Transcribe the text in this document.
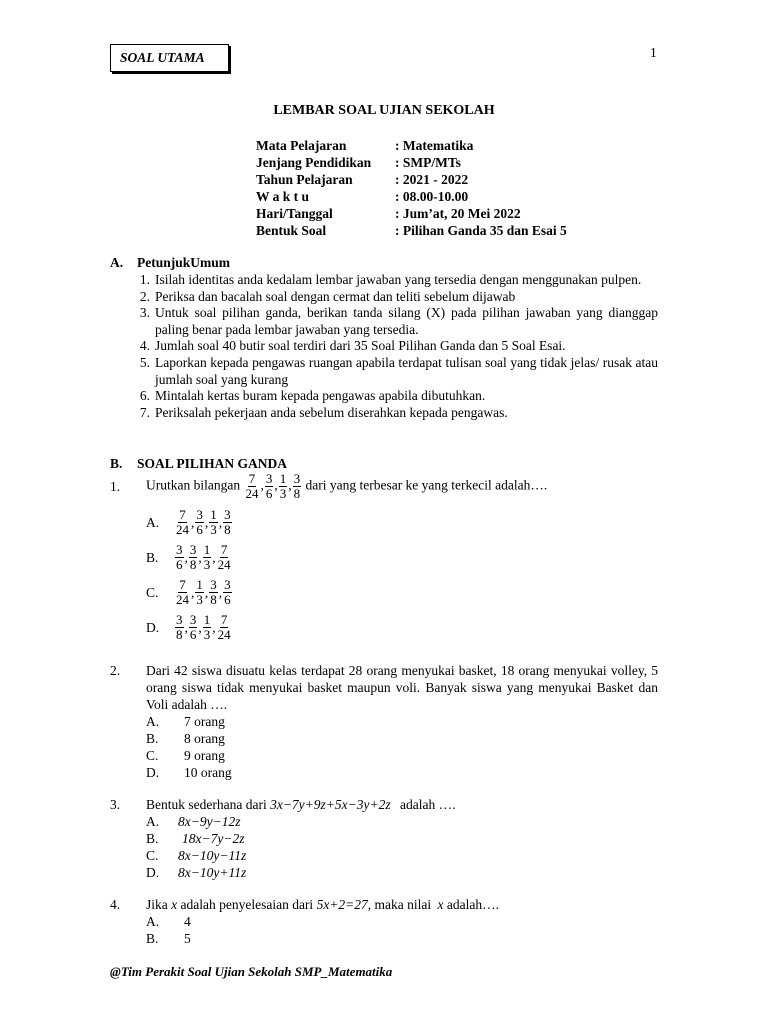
SOAL UTAMA	1
LEMBAR SOAL UJIAN SEKOLAH
Mata Pelajaran	: Matematika
Jenjang Pendidikan	: SMP/MTs
Tahun Pelajaran	: 2021 - 2022
W a k t u	: 08.00-10.00
Hari/Tanggal	: Jum’at, 20 Mei 2022
Bentuk Soal	: Pilihan Ganda 35 dan Esai 5
A. PetunjukUmum
1. Isilah identitas anda kedalam lembar jawaban yang tersedia dengan menggunakan pulpen.
2. Periksa dan bacalah soal dengan cermat dan teliti sebelum dijawab
3. Untuk soal pilihan ganda, berikan tanda silang (X) pada pilihan jawaban yang dianggap paling benar pada lembar jawaban yang tersedia.
4. Jumlah soal 40 butir soal terdiri dari 35 Soal Pilihan Ganda dan 5 Soal Esai.
5. Laporkan kepada pengawas ruangan apabila terdapat tulisan soal yang tidak jelas/ rusak atau jumlah soal yang kurang
6. Mintalah kertas buram kepada pengawas apabila dibutuhkan.
7. Periksalah pekerjaan anda sebelum diserahkan kepada pengawas.
B. SOAL PILIHAN GANDA
1.	Urutkan bilangan $\frac{7}{24}$ , $\frac{3}{6}$ , $\frac{1}{3}$ , $\frac{3}{8}$ dari yang terbesar ke yang terkecil adalah….
A.	$\frac{7}{24}$ , $\frac{3}{6}$ , $\frac{1}{3}$ , $\frac{3}{8}$
B.	$\frac{3}{6}$ , $\frac{3}{8}$ , $\frac{1}{3}$ , $\frac{7}{24}$
C.	$\frac{7}{24}$ , $\frac{1}{3}$ , $\frac{3}{8}$ , $\frac{3}{6}$
D.	$\frac{3}{8}$ , $\frac{3}{6}$ , $\frac{1}{3}$ , $\frac{7}{24}$
2.	Dari 42 siswa disuatu kelas terdapat 28 orang menyukai basket, 18 orang menyukai volley, 5 orang siswa tidak menyukai basket maupun voli. Banyak siswa yang menyukai Basket dan Voli adalah ….
A.	7 orang
B.	8 orang
C.	9 orang
D.	10 orang
3.	Bentuk sederhana dari 3x−7y+9z+5x−3y+2z adalah ….
A.	8x−9y−12z
B.	18x−7y−2z
C.	8x−10y−11z
D.	8x−10y+11z
4.	Jika x adalah penyelesaian dari 5x+2=27, maka nilai x adalah….
A.	4
B.	5
@Tim Perakit Soal Ujian Sekolah SMP_Matematika
